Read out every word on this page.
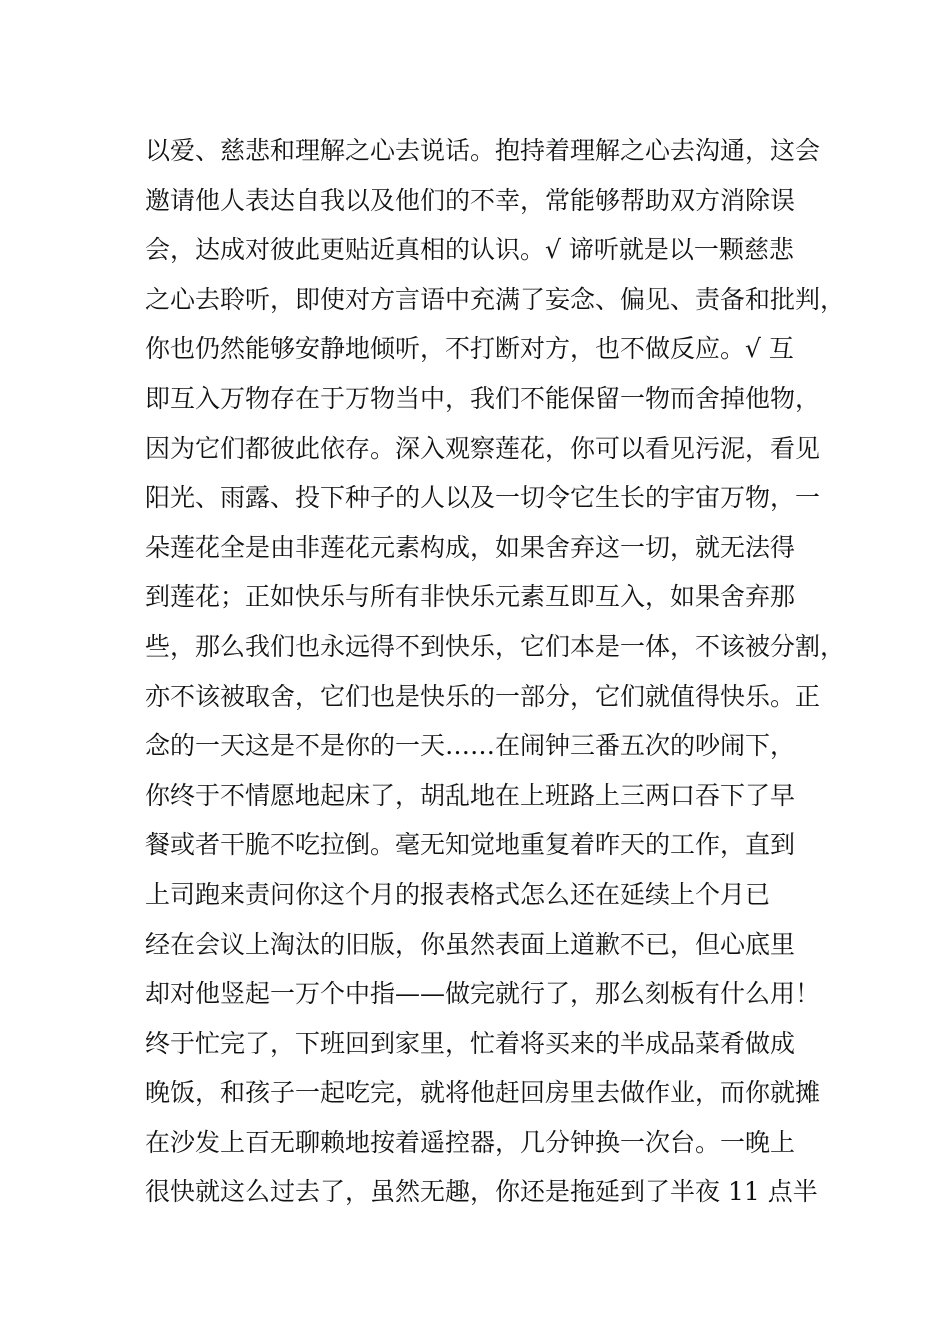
以爱、慈悲和理解之心去说话。抱持着理解之心去沟通，这会
邀请他人表达自我以及他们的不幸，常能够帮助双方消除误
会，达成对彼此更贴近真相的认识。√ 谛听就是以一颗慈悲
之心去聆听，即使对方言语中充满了妄念、偏见、责备和批判，
你也仍然能够安静地倾听，不打断对方，也不做反应。√ 互
即互入万物存在于万物当中，我们不能保留一物而舍掉他物，
因为它们都彼此依存。深入观察莲花，你可以看见污泥，看见
阳光、雨露、投下种子的人以及一切令它生长的宇宙万物，一
朵莲花全是由非莲花元素构成，如果舍弃这一切，就无法得
到莲花；正如快乐与所有非快乐元素互即互入，如果舍弃那
些，那么我们也永远得不到快乐，它们本是一体，不该被分割，
亦不该被取舍，它们也是快乐的一部分，它们就值得快乐。正
念的一天这是不是你的一天……在闹钟三番五次的吵闹下，
你终于不情愿地起床了，胡乱地在上班路上三两口吞下了早
餐或者干脆不吃拉倒。毫无知觉地重复着昨天的工作，直到
上司跑来责问你这个月的报表格式怎么还在延续上个月已
经在会议上淘汰的旧版，你虽然表面上道歉不已，但心底里
却对他竖起一万个中指——做完就行了，那么刻板有什么用！
终于忙完了，下班回到家里，忙着将买来的半成品菜肴做成
晚饭，和孩子一起吃完，就将他赶回房里去做作业，而你就摊
在沙发上百无聊赖地按着遥控器，几分钟换一次台。一晚上
很快就这么过去了，虽然无趣，你还是拖延到了半夜 11 点半
